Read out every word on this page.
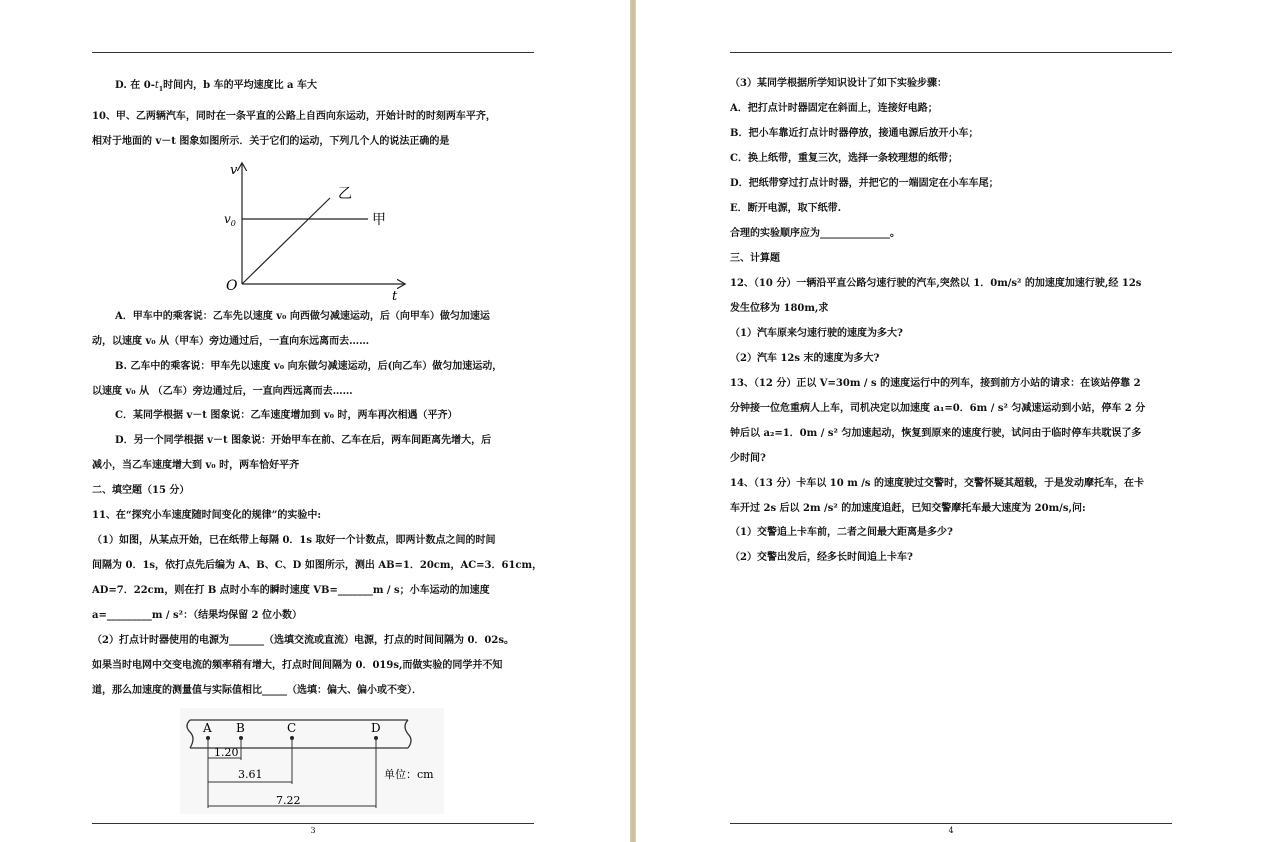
D. 在 $0-t_1$时间内，b 车的平均速度比 a 车大
10、甲、乙两辆汽车，同时在一条平直的公路上自西向东运动，开始计时的时刻两车平齐，
相对于地面的 v－t 图象如图所示．关于它们的运动，下列几个人的说法正确的是
v
t
O
$v_0$
乙
甲
A．甲车中的乘客说：乙车先以速度 v₀ 向西做匀减速运动，后（向甲车）做匀加速运
动，以速度 v₀ 从（甲车）旁边通过后，一直向东远离而去……
B. 乙车中的乘客说：甲车先以速度 v₀ 向东做匀减速运动，后(向乙车）做匀加速运动，
以速度 v₀ 从 （乙车）旁边通过后，一直向西远离而去……
C．某同学根据 v－t 图象说：乙车速度增加到 v₀ 时，两车再次相遇（平齐）
D．另一个同学根据 v－t 图象说：开始甲车在前、乙车在后，两车间距离先增大，后
减小，当乙车速度增大到 v₀ 时，两车恰好平齐
二、填空题（15 分）
11、在“探究小车速度随时间变化的规律”的实验中:
（1）如图，从某点开始，已在纸带上每隔 0．1s 取好一个计数点，即两计数点之间的时间
间隔为 0．1s，依打点先后编为 A、B、C、D 如图所示，测出 AB=1．20cm，AC=3．61cm，
AD=7．22cm，则在打 B 点时小车的瞬时速度 VB=_______m / s；小车运动的加速度
a=_________m / s²：（结果均保留 2 位小数）
（2）打点计时器使用的电源为_______（选填交流或直流）电源，打点的时间间隔为 0．02s。
如果当时电网中交变电流的频率稍有增大，打点时间间隔为 0．019s,而做实验的同学并不知
道，那么加速度的测量值与实际值相比_____（选填：偏大、偏小或不变）．
A B	C	D
1.20
3.61
7.22
单位：cm
3
（3）某同学根据所学知识设计了如下实验步骤：
A．把打点计时器固定在斜面上，连接好电路；
B．把小车靠近打点计时器停放，接通电源后放开小车；
C．换上纸带，重复三次，选择一条较理想的纸带；
D．把纸带穿过打点计时器，并把它的一端固定在小车车尾；
E．断开电源，取下纸带.
合理的实验顺序应为______________。
三、计算题
12、（10 分）一辆沿平直公路匀速行驶的汽车,突然以 1．0m/s² 的加速度加速行驶,经 12s
发生位移为 180m,求
（1）汽车原来匀速行驶的速度为多大?
（2）汽车 12s 末的速度为多大?
13、（12 分）正以 V=30m / s 的速度运行中的列车，接到前方小站的请求：在该站停靠 2
分钟接一位危重病人上车，司机决定以加速度 a₁=0．6m / s² 匀减速运动到小站，停车 2 分
钟后以 a₂=1．0m / s² 匀加速起动，恢复到原来的速度行驶，试问由于临时停车共耽误了多
少时间?
14、（13 分）卡车以 10 m /s 的速度驶过交警时，交警怀疑其超载，于是发动摩托车，在卡
车开过 2s 后以 2m /s² 的加速度追赶，已知交警摩托车最大速度为 20m/s,问:
（1）交警追上卡车前，二者之间最大距离是多少?
（2）交警出发后，经多长时间追上卡车?
4
